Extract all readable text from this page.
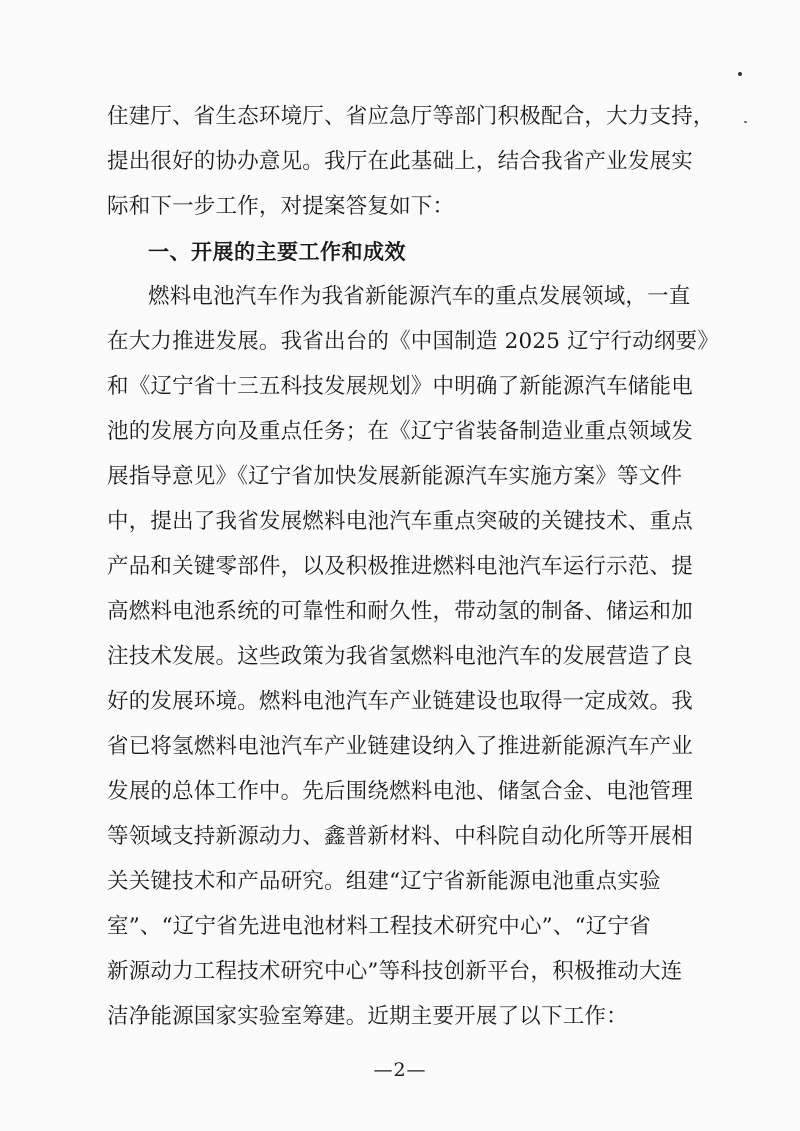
住建厅、省生态环境厅、省应急厅等部门积极配合，大力支持，
提出很好的协办意见。我厅在此基础上，结合我省产业发展实
际和下一步工作，对提案答复如下：
一、开展的主要工作和成效
燃料电池汽车作为我省新能源汽车的重点发展领域，一直
在大力推进发展。我省出台的《中国制造 2025 辽宁行动纲要》
和《辽宁省十三五科技发展规划》中明确了新能源汽车储能电
池的发展方向及重点任务；在《辽宁省装备制造业重点领域发
展指导意见》《辽宁省加快发展新能源汽车实施方案》等文件
中，提出了我省发展燃料电池汽车重点突破的关键技术、重点
产品和关键零部件，以及积极推进燃料电池汽车运行示范、提
高燃料电池系统的可靠性和耐久性，带动氢的制备、储运和加
注技术发展。这些政策为我省氢燃料电池汽车的发展营造了良
好的发展环境。燃料电池汽车产业链建设也取得一定成效。我
省已将氢燃料电池汽车产业链建设纳入了推进新能源汽车产业
发展的总体工作中。先后围绕燃料电池、储氢合金、电池管理
等领域支持新源动力、鑫普新材料、中科院自动化所等开展相
关关键技术和产品研究。组建“辽宁省新能源电池重点实验
室”、“辽宁省先进电池材料工程技术研究中心”、“辽宁省
新源动力工程技术研究中心”等科技创新平台，积极推动大连
洁净能源国家实验室筹建。近期主要开展了以下工作：
—2—
